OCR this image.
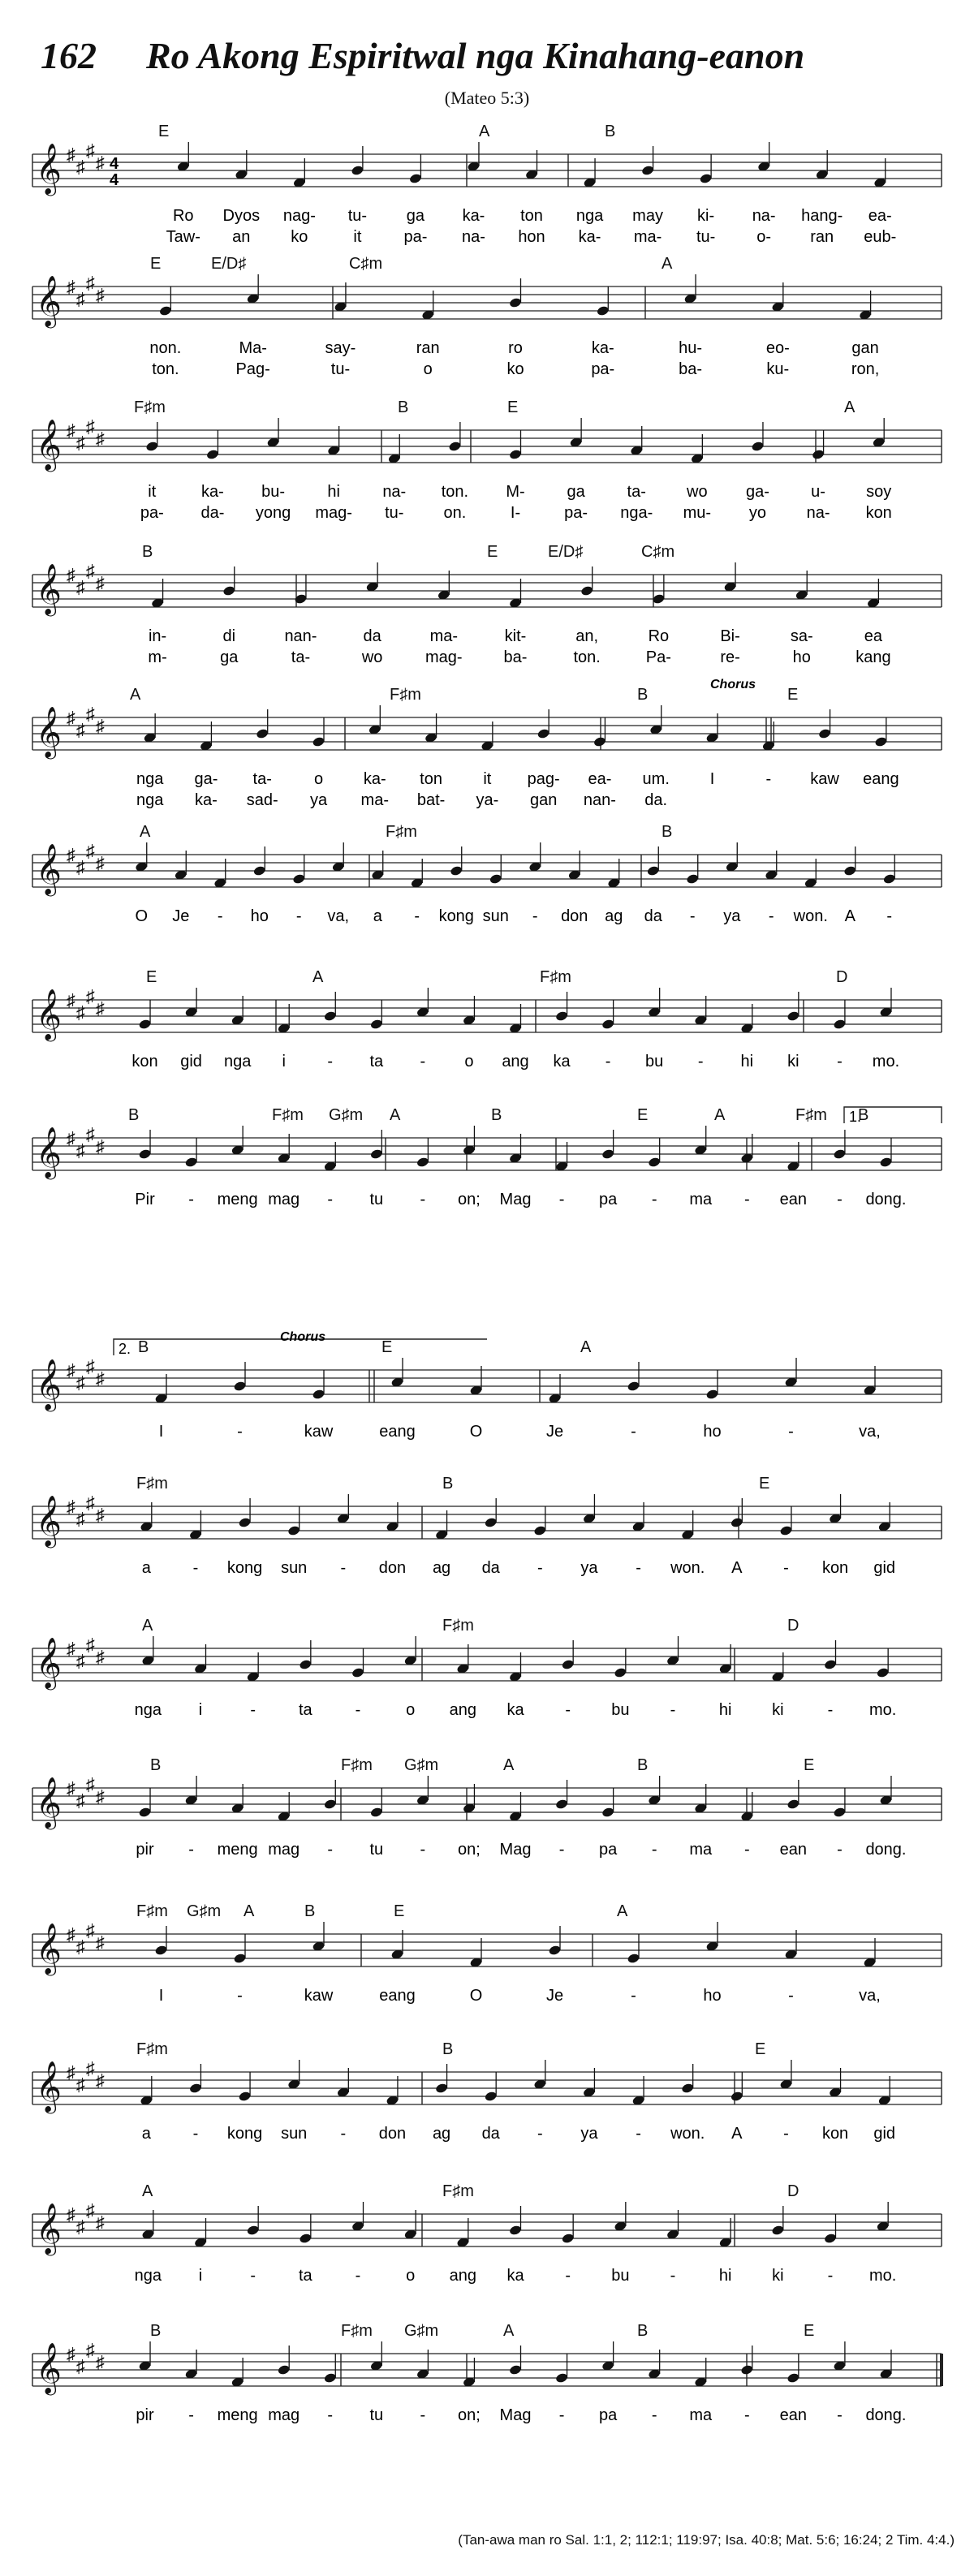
162 Ro Akong Espiritwal nga Kinahang-eanon
(Mateo 5:3)
𝄞 ♯
♯
♯
♯ 4
4
E	A	B
Ro Dyos nag- tu- ga ka- ton nga may ki- na- hang- ea-
Taw- an ko	it	pa- na- hon ka- ma- tu-	o- ran eub-
𝄞 ♯
♯
♯
♯
E	E/D♯	C♯m	A
non.	Ma-	say-	ran	ro	ka-	hu-	eo-	gan
ton.	Pag-	tu-	o	ko	pa-	ba-	ku-	ron,
𝄞 ♯
♯
♯
♯
F♯m	B	E	A
it	ka- bu-	hi	na- ton. M-	ga	ta-	wo ga-	u-	soy
pa- da- yong mag- tu- on.	I-	pa- nga- mu- yo na- kon
𝄞 ♯
♯
♯
♯
B	E	E/D♯	C♯m
in-	di	nan-	da	ma-	kit-	an,	Ro	Bi-	sa-	ea
m-	ga	ta-	wo	mag-	ba-	ton.	Pa-	re-	ho	kang
𝄞 ♯
♯
♯
♯
A	F♯m	B	E
Chorus
nga ga- ta-	o ka- ton	it pag- ea- um. I	- kaw eang
nga ka- sad- ya ma- bat- ya- gan nan- da.
𝄞 ♯
♯
♯
♯
A	F♯m	B
O Je - ho - va, a - kong sun - don ag da - ya - won. A -
𝄞 ♯
♯
♯
♯
E	A	F♯m	D
kon gid nga i	- ta - o ang ka - bu - hi ki - mo.
𝄞 ♯
♯
♯
♯
B	F♯m G♯m A	B	E	A	F♯m B
1.
Pir - meng mag - tu - on; Mag - pa - ma - ean - dong.
𝄞 ♯
♯
♯
♯
B	E	A
2.
Chorus
I	-	kaw	eang	O	Je	-	ho	-	va,
𝄞 ♯
♯
♯
♯
F♯m	B	E
a	- kong sun - don ag da - ya - won. A	- kon gid
𝄞 ♯
♯
♯
♯
A	F♯m	D
nga i	-	ta	-	o ang ka	-	bu	-	hi ki	- mo.
𝄞 ♯
♯
♯
♯
B	F♯m G♯m	A	B	E
pir - meng mag - tu - on; Mag - pa - ma - ean - dong.
𝄞 ♯
♯
♯
♯
F♯m G♯m A	B	E	A
I	-	kaw	eang	O	Je	-	ho	-	va,
𝄞 ♯
♯
♯
♯
F♯m	B	E
a	- kong sun - don ag da - ya - won. A	- kon gid
𝄞 ♯
♯
♯
♯
A	F♯m	D
nga i	-	ta	-	o ang ka	-	bu	-	hi ki	- mo.
𝄞 ♯
♯
♯
♯
B	F♯m G♯m	A	B	E
pir - meng mag - tu - on; Mag - pa - ma - ean - dong.
(Tan-awa man ro Sal. 1:1, 2; 112:1; 119:97; Isa. 40:8; Mat. 5:6; 16:24; 2 Tim. 4:4.)
